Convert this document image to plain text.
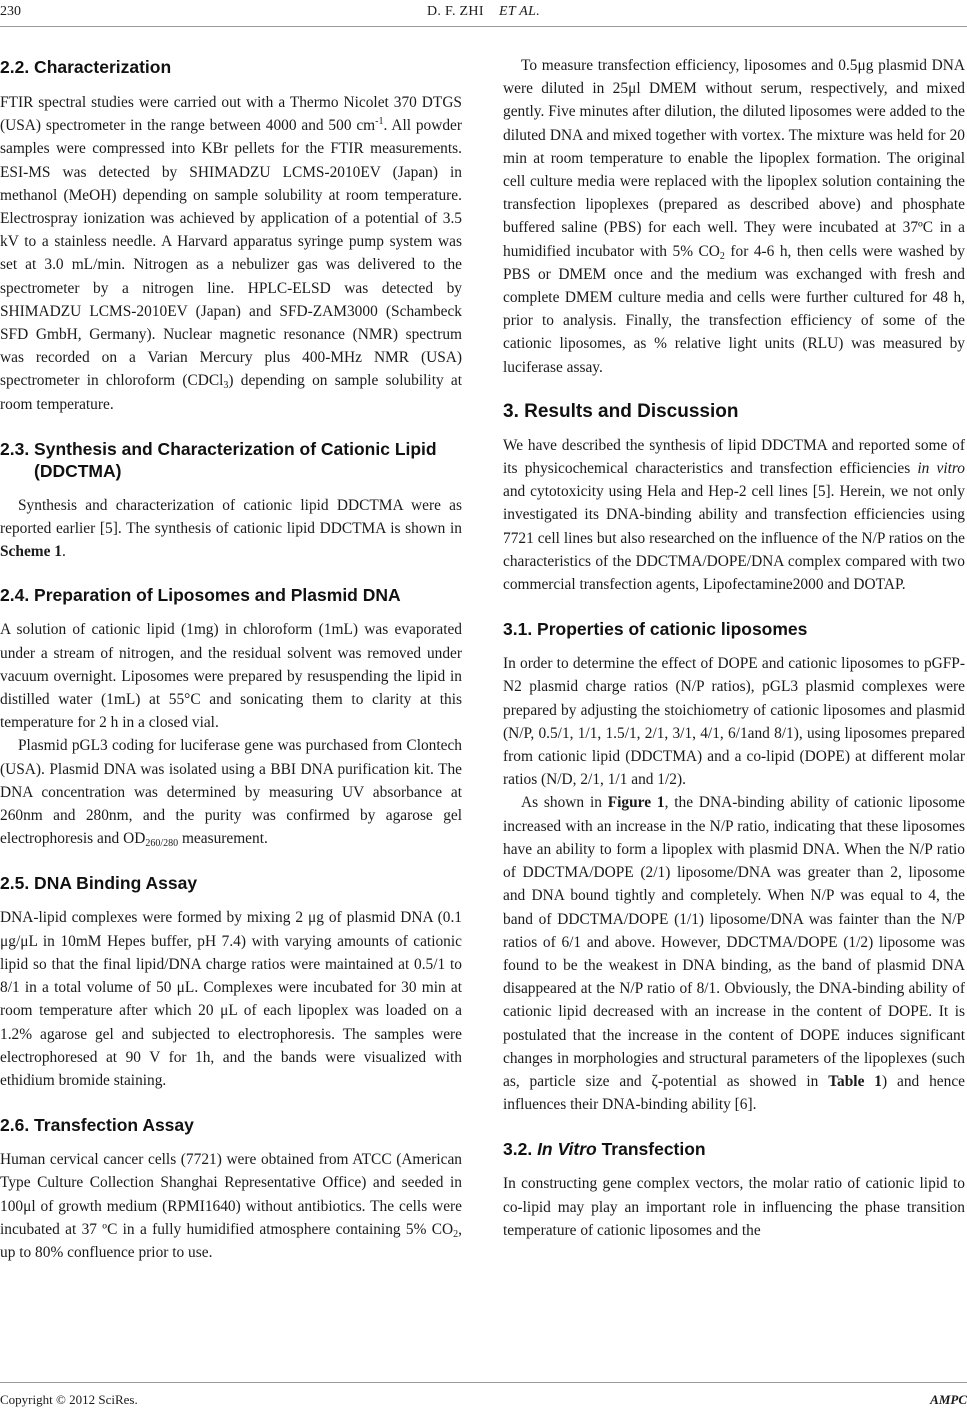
230	D. F. ZHI ET AL.
2.2. Characterization

FTIR spectral studies were carried out with a Thermo Nicolet 370 DTGS (USA) spectrometer in the range between 4000 and 500 $cm^{-1}$. All powder samples were compressed into KBr pellets for the FTIR measurements. ESI-MS was detected by SHIMADZU LCMS-2010EV (Japan) in methanol (MeOH) depending on sample solubility at room temperature. Electrospray ionization was achieved by application of a potential of 3.5 kV to a stainless needle. A Harvard apparatus syringe pump system was set at 3.0 mL/min. Nitrogen as a nebulizer gas was delivered to the spectrometer by a nitrogen line. HPLC-ELSD was detected by SHIMADZU LCMS-2010EV (Japan) and SFD-ZAM3000 (Schambeck SFD GmbH, Germany). Nuclear magnetic resonance (NMR) spectrum was recorded on a Varian Mercury plus 400-MHz NMR (USA) spectrometer in chloroform (CDCl$_3$) depending on sample solubility at room temperature.

2.3. Synthesis and Characterization of Cationic Lipid (DDCTMA)

Synthesis and characterization of cationic lipid DDCTMA were as reported earlier [5]. The synthesis of cationic lipid DDCTMA is shown in Scheme 1.

2.4. Preparation of Liposomes and Plasmid DNA

A solution of cationic lipid (1mg) in chloroform (1mL) was evaporated under a stream of nitrogen, and the residual solvent was removed under vacuum overnight. Liposomes were prepared by resuspending the lipid in distilled water (1mL) at 55°C and sonicating them to clarity at this temperature for 2 h in a closed vial.

Plasmid pGL3 coding for luciferase gene was purchased from Clontech (USA). Plasmid DNA was isolated using a BBI DNA purification kit. The DNA concentration was determined by measuring UV absorbance at 260nm and 280nm, and the purity was confirmed by agarose gel electrophoresis and $OD_{260/280}$ measurement.

2.5. DNA Binding Assay

DNA-lipid complexes were formed by mixing 2 μg of plasmid DNA (0.1 μg/μL in 10mM Hepes buffer, pH 7.4) with varying amounts of cationic lipid so that the final lipid/DNA charge ratios were maintained at 0.5/1 to 8/1 in a total volume of 50 μL. Complexes were incubated for 30 min at room temperature after which 20 μL of each lipoplex was loaded on a 1.2% agarose gel and subjected to electrophoresis. The samples were electrophoresed at 90 V for 1h, and the bands were visualized with ethidium bromide staining.

2.6. Transfection Assay

Human cervical cancer cells (7721) were obtained from ATCC (American Type Culture Collection Shanghai Representative Office) and seeded in 100μl of growth medium (RPMI1640) without antibiotics. The cells were incubated at 37 ºC in a fully humidified atmosphere containing 5% $CO_2$, up to 80% confluence prior to use.

To measure transfection efficiency, liposomes and 0.5μg plasmid DNA were diluted in 25μl DMEM without serum, respectively, and mixed gently. Five minutes after dilution, the diluted liposomes were added to the diluted DNA and mixed together with vortex. The mixture was held for 20 min at room temperature to enable the lipoplex formation. The original cell culture media were replaced with the lipoplex solution containing the transfection lipoplexes (prepared as described above) and phosphate buffered saline (PBS) for each well. They were incubated at 37ºC in a humidified incubator with 5% $CO_2$ for 4-6 h, then cells were washed by PBS or DMEM once and the medium was exchanged with fresh and complete DMEM culture media and cells were further cultured for 48 h, prior to analysis. Finally, the transfection efficiency of some of the cationic liposomes, as % relative light units (RLU) was measured by luciferase assay.

3. Results and Discussion

We have described the synthesis of lipid DDCTMA and reported some of its physicochemical characteristics and transfection efficiencies in vitro and cytotoxicity using Hela and Hep-2 cell lines [5]. Herein, we not only investigated its DNA-binding ability and transfection efficiencies using 7721 cell lines but also researched on the influence of the N/P ratios on the characteristics of the DDCTMA/DOPE/DNA complex compared with two commercial transfection agents, Lipofectamine2000 and DOTAP.

3.1. Properties of cationic liposomes

In order to determine the effect of DOPE and cationic liposomes to pGFP-N2 plasmid charge ratios (N/P ratios), pGL3 plasmid complexes were prepared by adjusting the stoichiometry of cationic liposomes and plasmid (N/P, 0.5/1, 1/1, 1.5/1, 2/1, 3/1, 4/1, 6/1and 8/1), using liposomes prepared from cationic lipid (DDCTMA) and a co-lipid (DOPE) at different molar ratios (N/D, 2/1, 1/1 and 1/2).

As shown in Figure 1, the DNA-binding ability of cationic liposome increased with an increase in the N/P ratio, indicating that these liposomes have an ability to form a lipoplex with plasmid DNA. When the N/P ratio of DDCTMA/DOPE (2/1) liposome/DNA was greater than 2, liposome and DNA bound tightly and completely. When N/P was equal to 4, the band of DDCTMA/DOPE (1/1) liposome/DNA was fainter than the N/P ratios of 6/1 and above. However, DDCTMA/DOPE (1/2) liposome was found to be the weakest in DNA binding, as the band of plasmid DNA disappeared at the N/P ratio of 8/1. Obviously, the DNA-binding ability of cationic lipid decreased with an increase in the content of DOPE. It is postulated that the increase in the content of DOPE induces significant changes in morphologies and structural parameters of the lipoplexes (such as, particle size and ζ-potential as showed in Table 1) and hence influences their DNA-binding ability [6].

3.2. In Vitro Transfection

In constructing gene complex vectors, the molar ratio of cationic lipid to co-lipid may play an important role in influencing the phase transition temperature of cationic liposomes and the

Copyright © 2012 SciRes.	AMPC
